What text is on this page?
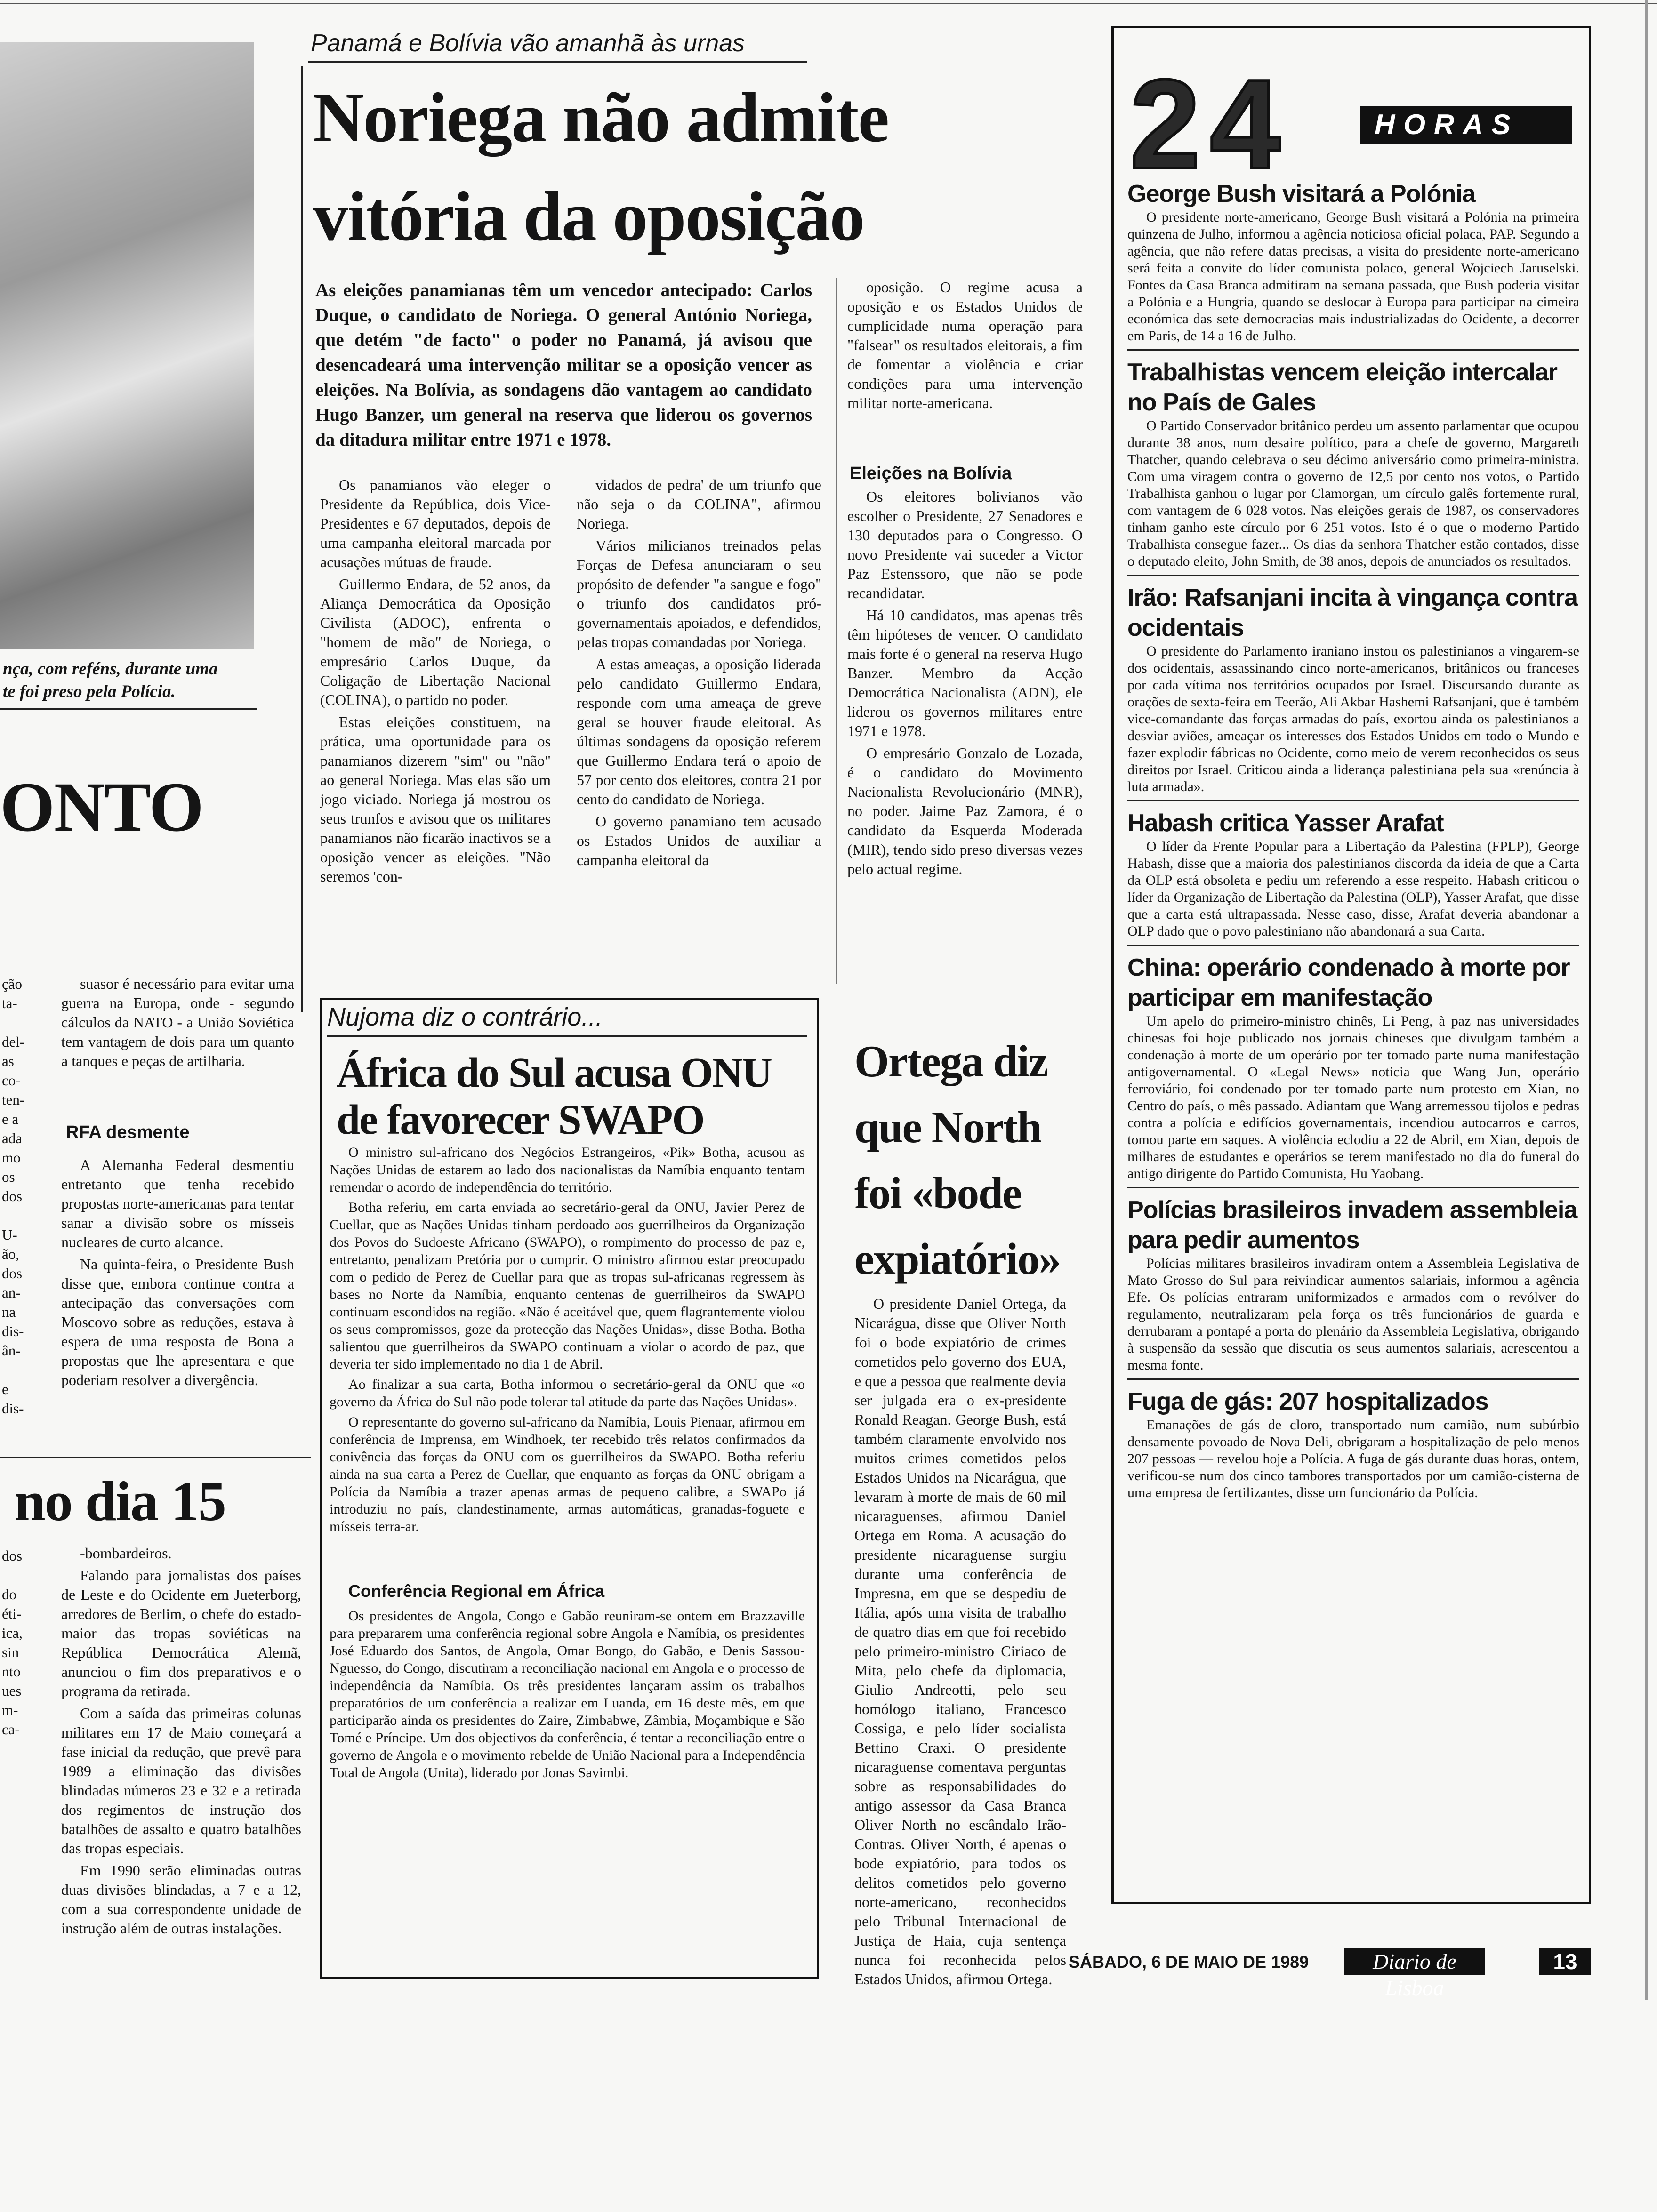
nça, com reféns, durante uma
te foi preso pela Polícia.
ONTO
ção
ta-
del-
as
co-
ten-
e a
ada
mo
os
dos
U-
ão,
dos
an-
na
dis-
ân-
e
dis-

suasor é necessário para evitar uma guerra na Europa, onde - segundo cálculos da NATO - a União Soviética tem vantagem de dois para um quanto a tanques e peças de artilharia.

RFA desmente

A Alemanha Federal desmentiu entretanto que tenha recebido propostas norte-americanas para tentar sanar a divisão sobre os mísseis nucleares de curto alcance.

Na quinta-feira, o Presidente Bush disse que, embora continue contra a antecipação das conversações com Moscovo sobre as reduções, estava à espera de uma resposta de Bona a propostas que lhe apresentara e que poderiam resolver a divergência.

no dia 15
dos
do
éti-
ica,
sin
nto
ues
m-
ca-

-bombardeiros.

Falando para jornalistas dos países de Leste e do Ocidente em Jueterborg, arredores de Berlim, o chefe do estado-maior das tropas soviéticas na República Democrática Alemã, anunciou o fim dos preparativos e o programa da retirada.

Com a saída das primeiras colunas militares em 17 de Maio começará a fase inicial da redução, que prevê para 1989 a eliminação das divisões blindadas números 23 e 32 e a retirada dos regimentos de instrução dos batalhões de assalto e quatro batalhões das tropas especiais.

Em 1990 serão eliminadas outras duas divisões blindadas, a 7 e a 12, com a sua correspondente unidade de instrução além de outras instalações.

Panamá e Bolívia vão amanhã às urnas
Noriega não admite vitória da oposição
As eleições panamianas têm um vencedor antecipado: Carlos Duque, o candidato de Noriega. O general António Noriega, que detém "de facto" o poder no Panamá, já avisou que desencadeará uma intervenção militar se a oposição vencer as eleições. Na Bolívia, as sondagens dão vantagem ao candidato Hugo Banzer, um general na reserva que liderou os governos da ditadura militar entre 1971 e 1978.

Os panamianos vão eleger o Presidente da República, dois Vice-Presidentes e 67 deputados, depois de uma campanha eleitoral marcada por acusações mútuas de fraude.

Guillermo Endara, de 52 anos, da Aliança Democrática da Oposição Civilista (ADOC), enfrenta o "homem de mão" de Noriega, o empresário Carlos Duque, da Coligação de Libertação Nacional (COLINA), o partido no poder.

Estas eleições constituem, na prática, uma oportunidade para os panamianos dizerem "sim" ou "não" ao general Noriega. Mas elas são um jogo viciado. Noriega já mostrou os seus trunfos e avisou que os militares panamianos não ficarão inactivos se a oposição vencer as eleições. "Não seremos 'con-

vidados de pedra' de um triunfo que não seja o da COLINA", afirmou Noriega.

Vários milicianos treinados pelas Forças de Defesa anunciaram o seu propósito de defender "a sangue e fogo" o triunfo dos candidatos pró-governamentais apoiados, e defendidos, pelas tropas comandadas por Noriega.

A estas ameaças, a oposição liderada pelo candidato Guillermo Endara, responde com uma ameaça de greve geral se houver fraude eleitoral. As últimas sondagens da oposição referem que Guillermo Endara terá o apoio de 57 por cento dos eleitores, contra 21 por cento do candidato de Noriega.

O governo panamiano tem acusado os Estados Unidos de auxiliar a campanha eleitoral da

oposição. O regime acusa a oposição e os Estados Unidos de cumplicidade numa operação para "falsear" os resultados eleitorais, a fim de fomentar a violência e criar condições para uma intervenção militar norte-americana.

Eleições na Bolívia

Os eleitores bolivianos vão escolher o Presidente, 27 Senadores e 130 deputados para o Congresso. O novo Presidente vai suceder a Victor Paz Estenssoro, que não se pode recandidatar.

Há 10 candidatos, mas apenas três têm hipóteses de vencer. O candidato mais forte é o general na reserva Hugo Banzer. Membro da Acção Democrática Nacionalista (ADN), ele liderou os governos militares entre 1971 e 1978.

O empresário Gonzalo de Lozada, é o candidato do Movimento Nacionalista Revolucionário (MNR), no poder. Jaime Paz Zamora, é o candidato da Esquerda Moderada (MIR), tendo sido preso diversas vezes pelo actual regime.

Nujoma diz o contrário...
África do Sul acusa ONU de favorecer SWAPO

O ministro sul-africano dos Negócios Estrangeiros, «Pik» Botha, acusou as Nações Unidas de estarem ao lado dos nacionalistas da Namíbia enquanto tentam remendar o acordo de independência do território.

Botha referiu, em carta enviada ao secretário-geral da ONU, Javier Perez de Cuellar, que as Nações Unidas tinham perdoado aos guerrilheiros da Organização dos Povos do Sudoeste Africano (SWAPO), o rompimento do processo de paz e, entretanto, penalizam Pretória por o cumprir. O ministro afirmou estar preocupado com o pedido de Perez de Cuellar para que as tropas sul-africanas regressem às bases no Norte da Namíbia, enquanto centenas de guerrilheiros da SWAPO continuam escondidos na região. «Não é aceitável que, quem flagrantemente violou os seus compromissos, goze da protecção das Nações Unidas», disse Botha. Botha salientou que guerrilheiros da SWAPO continuam a violar o acordo de paz, que deveria ter sido implementado no dia 1 de Abril.

Ao finalizar a sua carta, Botha informou o secretário-geral da ONU que «o governo da África do Sul não pode tolerar tal atitude da parte das Nações Unidas».

O representante do governo sul-africano da Namíbia, Louis Pienaar, afirmou em conferência de Imprensa, em Windhoek, ter recebido três relatos confirmados da conivência das forças da ONU com os guerrilheiros da SWAPO. Botha referiu ainda na sua carta a Perez de Cuellar, que enquanto as forças da ONU obrigam a Polícia da Namíbia a trazer apenas armas de pequeno calibre, a SWAPo já introduziu no país, clandestinamente, armas automáticas, granadas-foguete e mísseis terra-ar.

Conferência Regional em África

Os presidentes de Angola, Congo e Gabão reuniram-se ontem em Brazzaville para prepararem uma conferência regional sobre Angola e Namíbia, os presidentes José Eduardo dos Santos, de Angola, Omar Bongo, do Gabão, e Denis Sassou-Nguesso, do Congo, discutiram a reconciliação nacional em Angola e o processo de independência da Namíbia. Os três presidentes lançaram assim os trabalhos preparatórios de um conferência a realizar em Luanda, em 16 deste mês, em que participarão ainda os presidentes do Zaire, Zimbabwe, Zâmbia, Moçambique e São Tomé e Príncipe. Um dos objectivos da conferência, é tentar a reconciliação entre o governo de Angola e o movimento rebelde de União Nacional para a Independência Total de Angola (Unita), liderado por Jonas Savimbi.

Ortega diz que North foi «bode expiatório»

O presidente Daniel Ortega, da Nicarágua, disse que Oliver North foi o bode expiatório de crimes cometidos pelo governo dos EUA, e que a pessoa que realmente devia ser julgada era o ex-presidente Ronald Reagan. George Bush, está também claramente envolvido nos muitos crimes cometidos pelos Estados Unidos na Nicarágua, que levaram à morte de mais de 60 mil nicaraguenses, afirmou Daniel Ortega em Roma. A acusação do presidente nicaraguense surgiu durante uma conferência de Impresna, em que se despediu de Itália, após uma visita de trabalho de quatro dias em que foi recebido pelo primeiro-ministro Ciriaco de Mita, pelo chefe da diplomacia, Giulio Andreotti, pelo seu homólogo italiano, Francesco Cossiga, e pelo líder socialista Bettino Craxi. O presidente nicaraguense comentava perguntas sobre as responsabilidades do antigo assessor da Casa Branca Oliver North no escândalo Irão-Contras. Oliver North, é apenas o bode expiatório, para todos os delitos cometidos pelo governo norte-americano, reconhecidos pelo Tribunal Internacional de Justiça de Haia, cuja sentença nunca foi reconhecida pelos Estados Unidos, afirmou Ortega.

24	HORAS
George Bush visitará a Polónia

O presidente norte-americano, George Bush visitará a Polónia na primeira quinzena de Julho, informou a agência noticiosa oficial polaca, PAP. Segundo a agência, que não refere datas precisas, a visita do presidente norte-americano será feita a convite do líder comunista polaco, general Wojciech Jaruselski. Fontes da Casa Branca admitiram na semana passada, que Bush poderia visitar a Polónia e a Hungria, quando se deslocar à Europa para participar na cimeira económica das sete democracias mais industrializadas do Ocidente, a decorrer em Paris, de 14 a 16 de Julho.

Trabalhistas vencem eleição intercalar no País de Gales

O Partido Conservador britânico perdeu um assento parlamentar que ocupou durante 38 anos, num desaire político, para a chefe de governo, Margareth Thatcher, quando celebrava o seu décimo aniversário como primeira-ministra. Com uma viragem contra o governo de 12,5 por cento nos votos, o Partido Trabalhista ganhou o lugar por Clamorgan, um círculo galês fortemente rural, com vantagem de 6 028 votos. Nas eleições gerais de 1987, os conservadores tinham ganho este círculo por 6 251 votos. Isto é o que o moderno Partido Trabalhista consegue fazer... Os dias da senhora Thatcher estão contados, disse o deputado eleito, John Smith, de 38 anos, depois de anunciados os resultados.

Irão: Rafsanjani incita à vingança contra ocidentais

O presidente do Parlamento iraniano instou os palestinianos a vingarem-se dos ocidentais, assassinando cinco norte-americanos, britânicos ou franceses por cada vítima nos territórios ocupados por Israel. Discursando durante as orações de sexta-feira em Teerão, Ali Akbar Hashemi Rafsanjani, que é também vice-comandante das forças armadas do país, exortou ainda os palestinianos a desviar aviões, ameaçar os interesses dos Estados Unidos em todo o Mundo e fazer explodir fábricas no Ocidente, como meio de verem reconhecidos os seus direitos por Israel. Criticou ainda a liderança palestiniana pela sua «renúncia à luta armada».

Habash critica Yasser Arafat

O líder da Frente Popular para a Libertação da Palestina (FPLP), George Habash, disse que a maioria dos palestinianos discorda da ideia de que a Carta da OLP está obsoleta e pediu um referendo a esse respeito. Habash criticou o líder da Organização de Libertação da Palestina (OLP), Yasser Arafat, que disse que a carta está ultrapassada. Nesse caso, disse, Arafat deveria abandonar a OLP dado que o povo palestiniano não abandonará a sua Carta.

China: operário condenado à morte por participar em manifestação

Um apelo do primeiro-ministro chinês, Li Peng, à paz nas universidades chinesas foi hoje publicado nos jornais chineses que divulgam também a condenação à morte de um operário por ter tomado parte numa manifestação antigovernamental. O «Legal News» noticia que Wang Jun, operário ferroviário, foi condenado por ter tomado parte num protesto em Xian, no Centro do país, o mês passado. Adiantam que Wang arremessou tijolos e pedras contra a polícia e edifícios governamentais, incendiou autocarros e carros, tomou parte em saques. A violência eclodiu a 22 de Abril, em Xian, depois de milhares de estudantes e operários se terem manifestado no dia do funeral do antigo dirigente do Partido Comunista, Hu Yaobang.

Polícias brasileiros invadem assembleia para pedir aumentos

Polícias militares brasileiros invadiram ontem a Assembleia Legislativa de Mato Grosso do Sul para reivindicar aumentos salariais, informou a agência Efe. Os polícias entraram uniformizados e armados com o revólver do regulamento, neutralizaram pela força os três funcionários de guarda e derrubaram a pontapé a porta do plenário da Assembleia Legislativa, obrigando à suspensão da sessão que discutia os seus aumentos salariais, acrescentou a mesma fonte.

Fuga de gás: 207 hospitalizados

Emanações de gás de cloro, transportado num camião, num subúrbio densamente povoado de Nova Deli, obrigaram a hospitalização de pelo menos 207 pessoas — revelou hoje a Polícia. A fuga de gás durante duas horas, ontem, verificou-se num dos cinco tambores transportados por um camião-cisterna de uma empresa de fertilizantes, disse um funcionário da Polícia.

SÁBADO, 6 DE MAIO DE 1989	Diario de Lisboa
13
